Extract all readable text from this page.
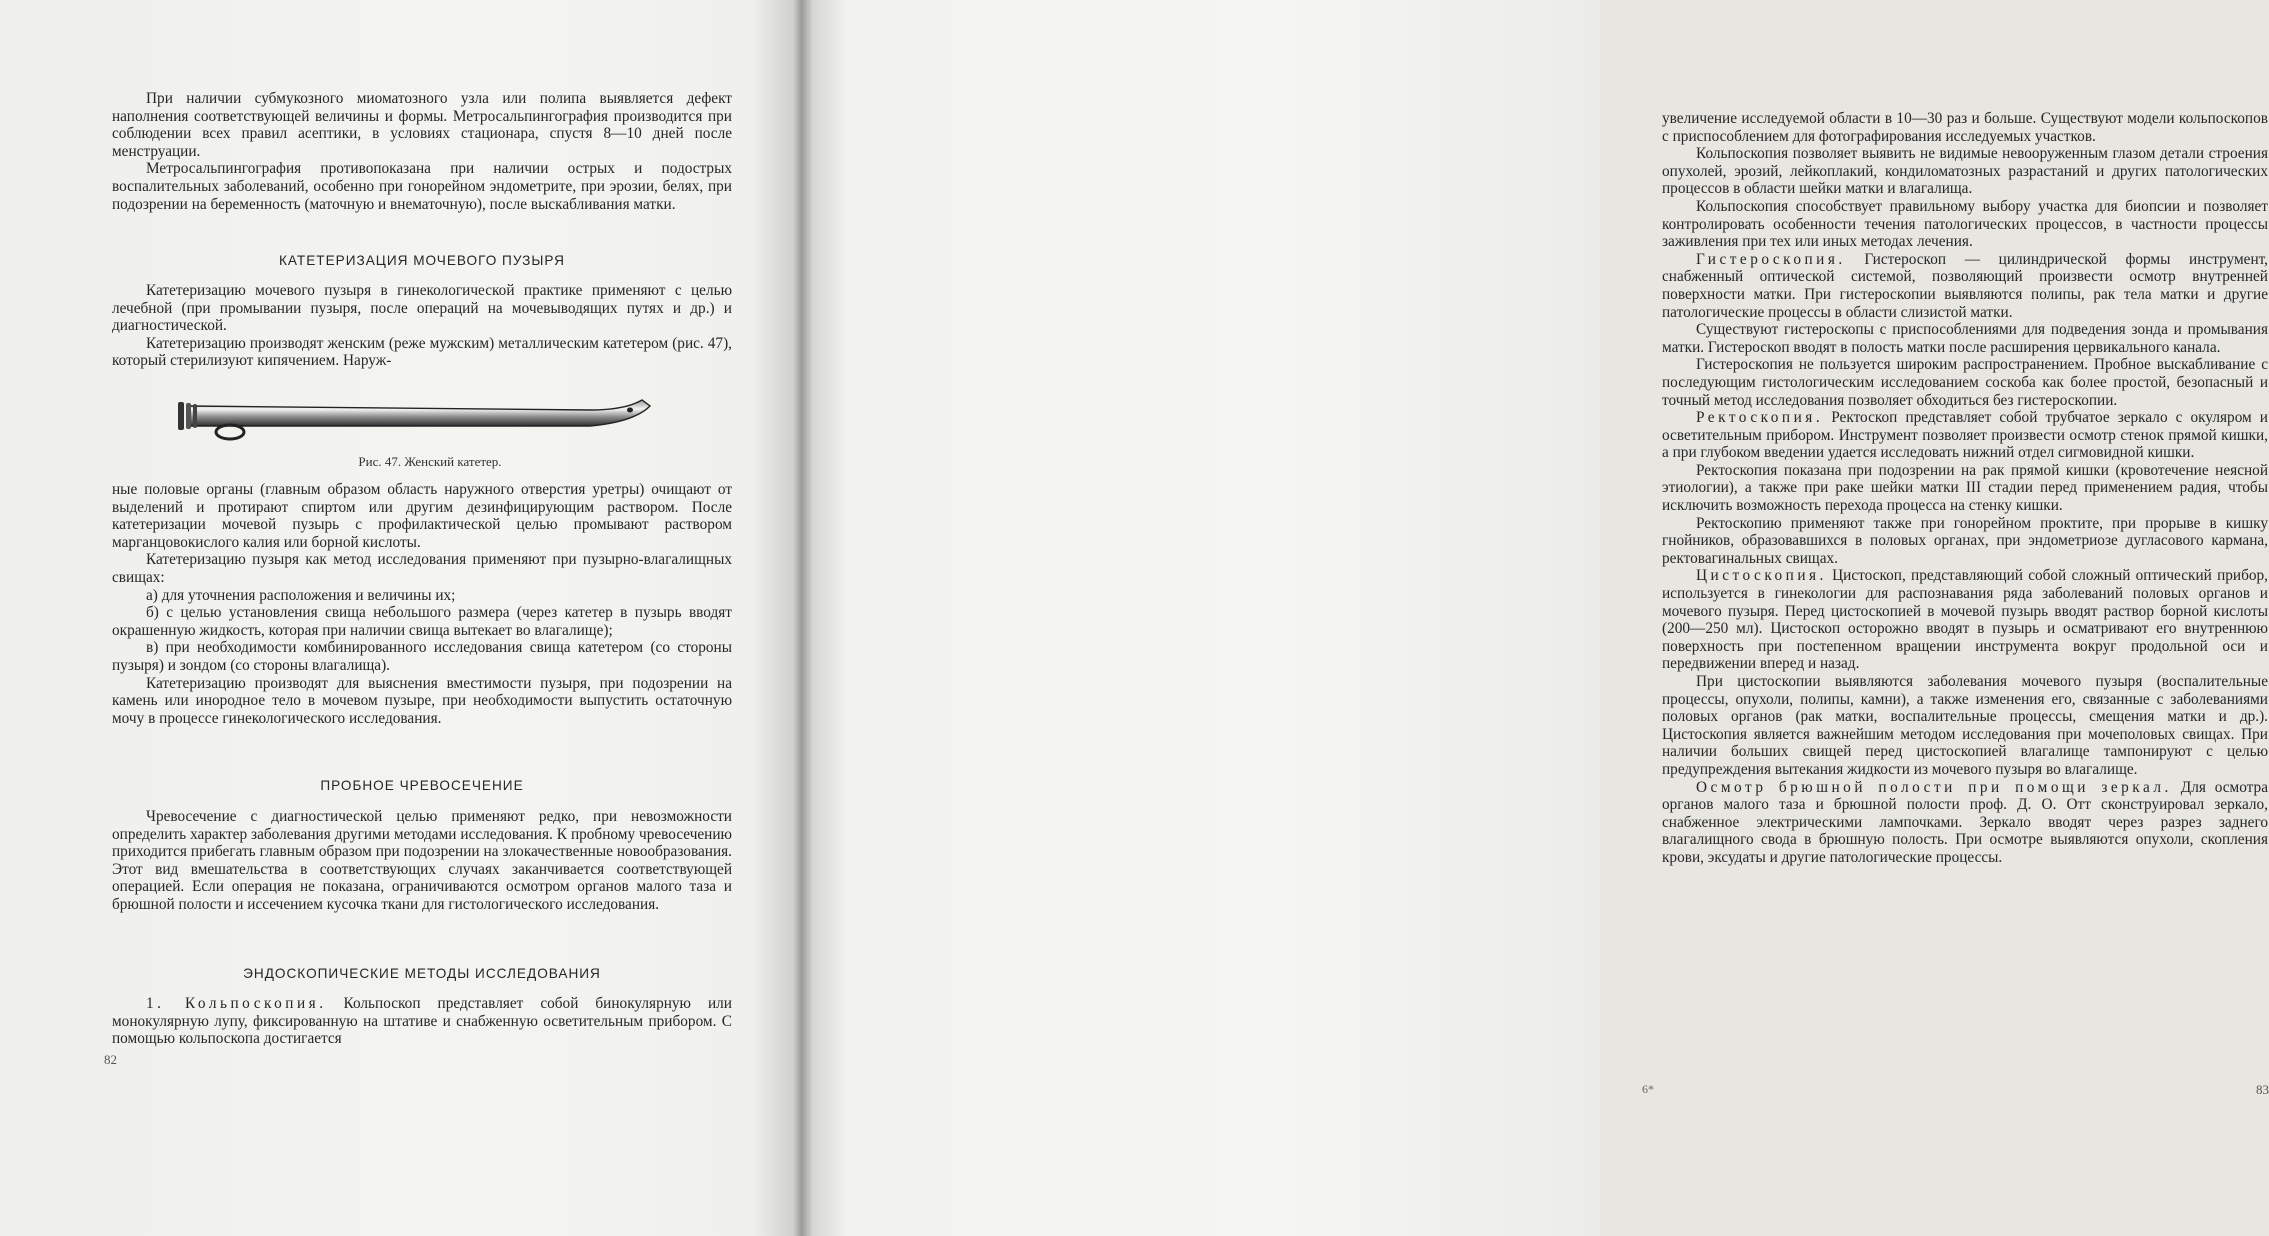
При наличии субмукозного миоматозного узла или полипа выявляется дефект наполнения соответствующей величины и формы. Метросальпингография производится при соблюдении всех правил асептики, в условиях стационара, спустя 8—10 дней после менструации.

Метросальпингография противопоказана при наличии острых и подострых воспалительных заболеваний, особенно при гонорейном эндометрите, при эрозии, белях, при подозрении на беременность (маточную и внематочную), после выскабливания матки.

КАТЕТЕРИЗАЦИЯ МОЧЕВОГО ПУЗЫРЯ

Катетеризацию мочевого пузыря в гинекологической практике применяют с целью лечебной (при промывании пузыря, после операций на мочевыводящих путях и др.) и диагностической.

Катетеризацию производят женским (реже мужским) металлическим катетером (рис. 47), который стерилизуют кипячением. Наруж-

Рис. 47. Женский катетер.

ные половые органы (главным образом область наружного отверстия уретры) очищают от выделений и протирают спиртом или другим дезинфицирующим раствором. После катетеризации мочевой пузырь с профилактической целью промывают раствором марганцовокислого калия или борной кислоты.

Катетеризацию пузыря как метод исследования применяют при пузырно-влагалищных свищах:

а) для уточнения расположения и величины их;

б) с целью установления свища небольшого размера (через катетер в пузырь вводят окрашенную жидкость, которая при наличии свища вытекает во влагалище);

в) при необходимости комбинированного исследования свища катетером (со стороны пузыря) и зондом (со стороны влагалища).

Катетеризацию производят для выяснения вместимости пузыря, при подозрении на камень или инородное тело в мочевом пузыре, при необходимости выпустить остаточную мочу в процессе гинекологического исследования.

ПРОБНОЕ ЧРЕВОСЕЧЕНИЕ

Чревосечение с диагностической целью применяют редко, при невозможности определить характер заболевания другими методами исследования. К пробному чревосечению приходится прибегать главным образом при подозрении на злокачественные новообразования. Этот вид вмешательства в соответствующих случаях заканчивается соответствующей операцией. Если операция не показана, ограничиваются осмотром органов малого таза и брюшной полости и иссечением кусочка ткани для гистологического исследования.

ЭНДОСКОПИЧЕСКИЕ МЕТОДЫ ИССЛЕДОВАНИЯ

1. Кольпоскопия. Кольпоскоп представляет собой бинокулярную или монокулярную лупу, фиксированную на штативе и снабженную осветительным прибором. С помощью кольпоскопа достигается

82

увеличение исследуемой области в 10—30 раз и больше. Существуют модели кольпоскопов с приспособлением для фотографирования исследуемых участков.

Кольпоскопия позволяет выявить не видимые невооруженным глазом детали строения опухолей, эрозий, лейкоплакий, кондиломатозных разрастаний и других патологических процессов в области шейки матки и влагалища.

Кольпоскопия способствует правильному выбору участка для биопсии и позволяет контролировать особенности течения патологических процессов, в частности процессы заживления при тех или иных методах лечения.

Гистероскопия. Гистероскоп — цилиндрической формы инструмент, снабженный оптической системой, позволяющий произвести осмотр внутренней поверхности матки. При гистероскопии выявляются полипы, рак тела матки и другие патологические процессы в области слизистой матки.

Существуют гистероскопы с приспособлениями для подведения зонда и промывания матки. Гистероскоп вводят в полость матки после расширения цервикального канала.

Гистероскопия не пользуется широким распространением. Пробное выскабливание с последующим гистологическим исследованием соскоба как более простой, безопасный и точный метод исследования позволяет обходиться без гистероскопии.

Ректоскопия. Ректоскоп представляет собой трубчатое зеркало с окуляром и осветительным прибором. Инструмент позволяет произвести осмотр стенок прямой кишки, а при глубоком введении удается исследовать нижний отдел сигмовидной кишки.

Ректоскопия показана при подозрении на рак прямой кишки (кровотечение неясной этиологии), а также при раке шейки матки III стадии перед применением радия, чтобы исключить возможность перехода процесса на стенку кишки.

Ректоскопию применяют также при гонорейном проктите, при прорыве в кишку гнойников, образовавшихся в половых органах, при эндометриозе дугласового кармана, ректовагинальных свищах.

Цистоскопия. Цистоскоп, представляющий собой сложный оптический прибор, используется в гинекологии для распознавания ряда заболеваний половых органов и мочевого пузыря. Перед цистоскопией в мочевой пузырь вводят раствор борной кислоты (200—250 мл). Цистоскоп осторожно вводят в пузырь и осматривают его внутреннюю поверхность при постепенном вращении инструмента вокруг продольной оси и передвижении вперед и назад.

При цистоскопии выявляются заболевания мочевого пузыря (воспалительные процессы, опухоли, полипы, камни), а также изменения его, связанные с заболеваниями половых органов (рак матки, воспалительные процессы, смещения матки и др.). Цистоскопия является важнейшим методом исследования при мочеполовых свищах. При наличии больших свищей перед цистоскопией влагалище тампонируют с целью предупреждения вытекания жидкости из мочевого пузыря во влагалище.

Осмотр брюшной полости при помощи зеркал. Для осмотра органов малого таза и брюшной полости проф. Д. О. Отт сконструировал зеркало, снабженное электрическими лампочками. Зеркало вводят через разрез заднего влагалищного свода в брюшную полость. При осмотре выявляются опухоли, скопления крови, эксудаты и другие патологические процессы.

6*	83
